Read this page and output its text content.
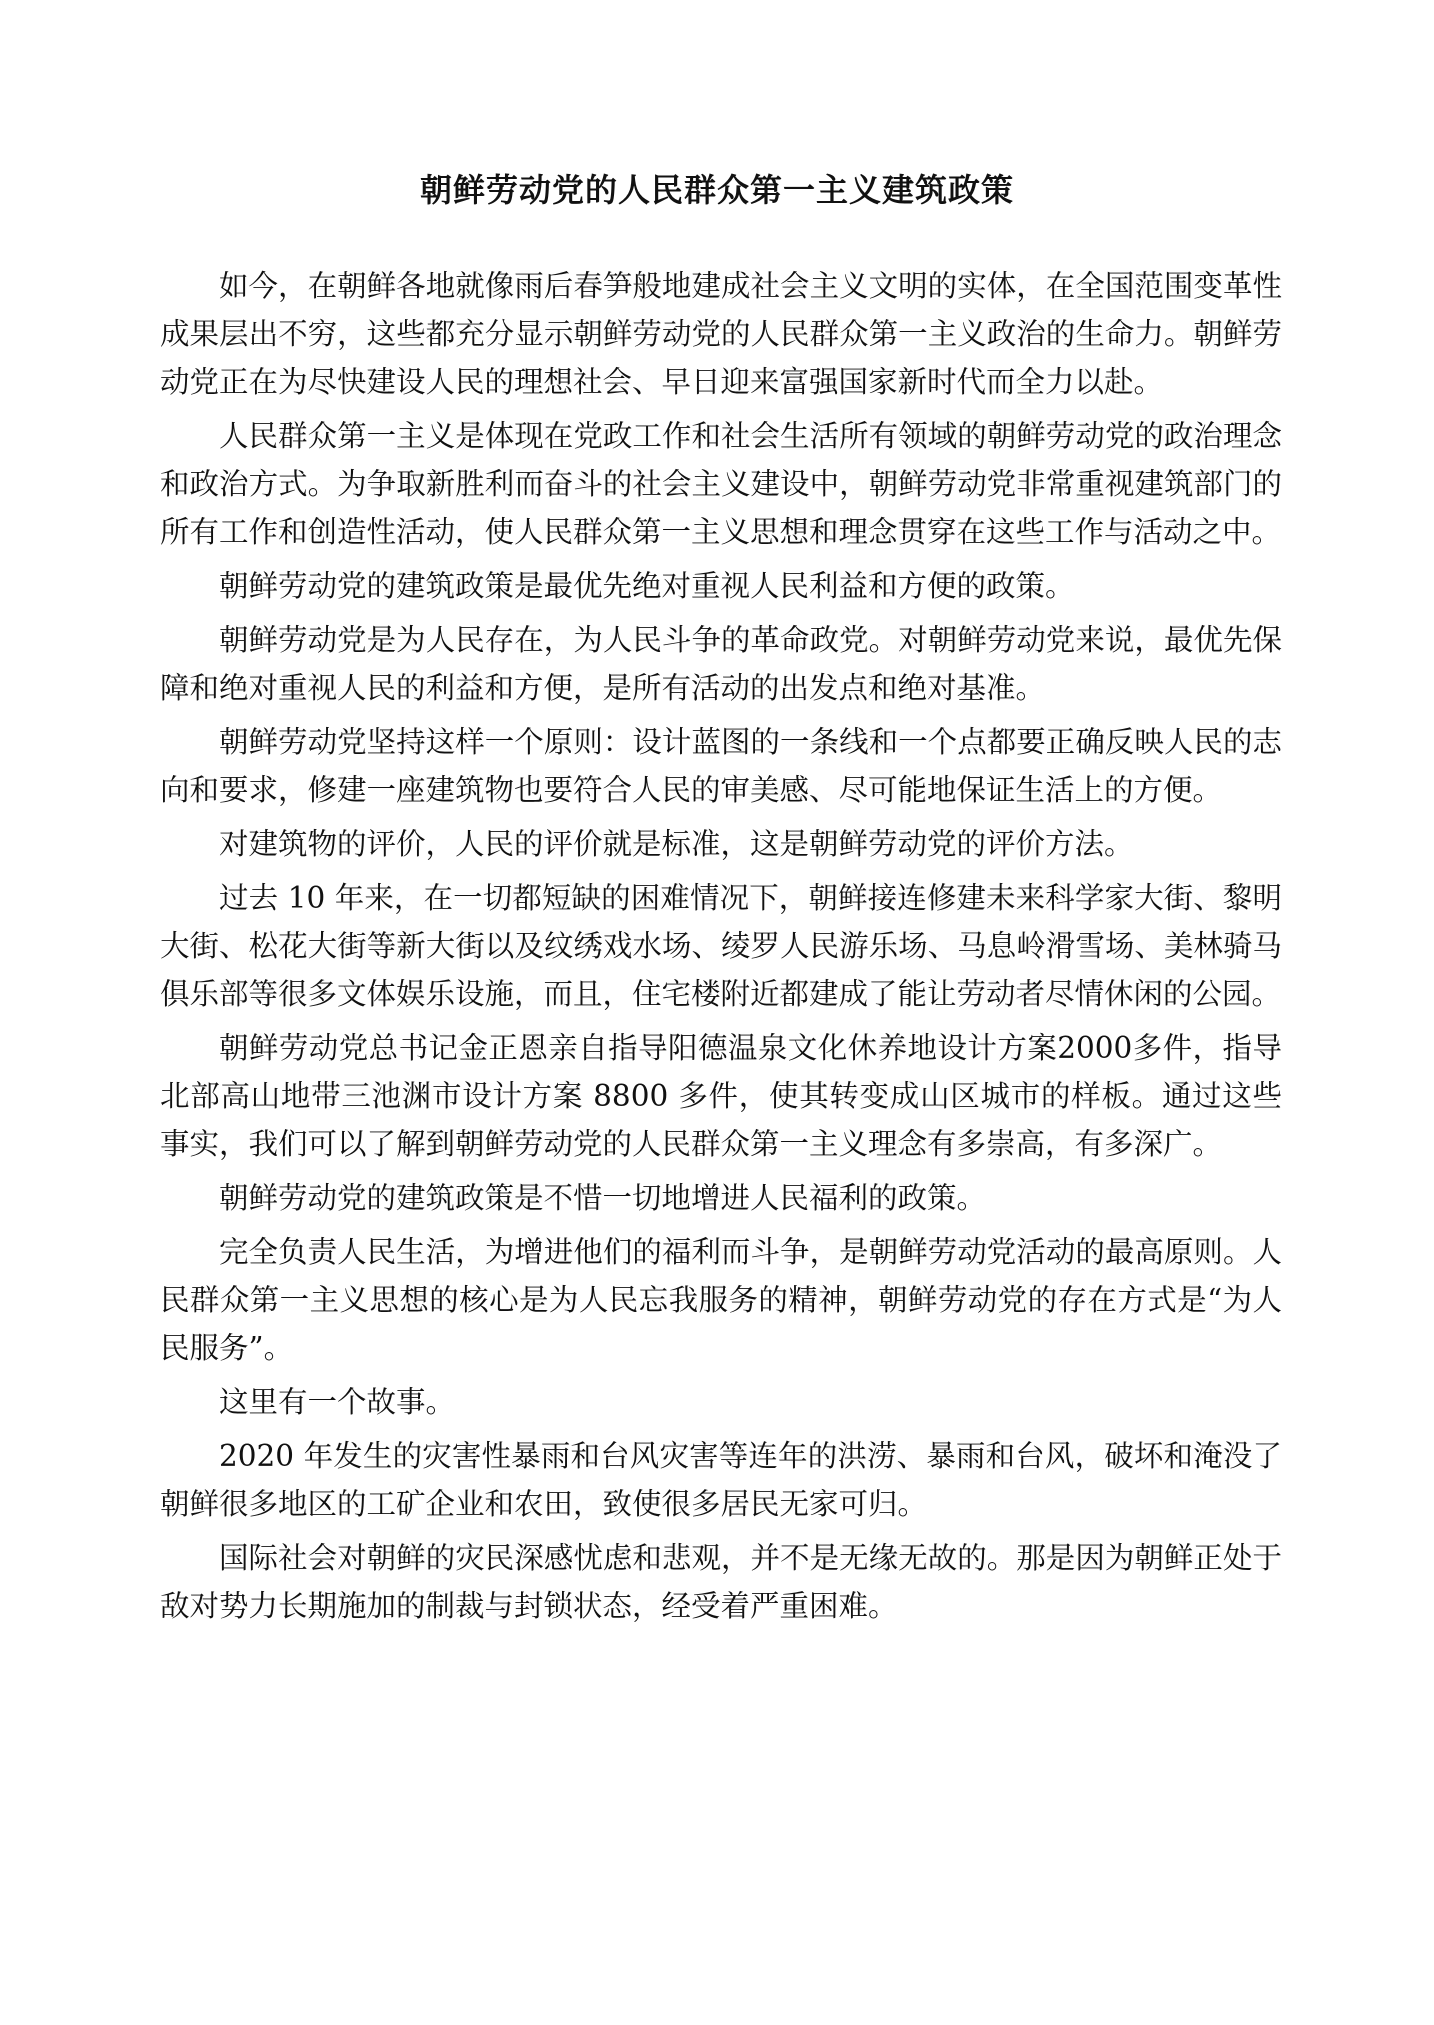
朝鲜劳动党的人民群众第一主义建筑政策

如今，在朝鲜各地就像雨后春笋般地建成社会主义文明的实体，在全国范围变革性成果层出不穷，这些都充分显示朝鲜劳动党的人民群众第一主义政治的生命力。朝鲜劳动党正在为尽快建设人民的理想社会、早日迎来富强国家新时代而全力以赴。

人民群众第一主义是体现在党政工作和社会生活所有领域的朝鲜劳动党的政治理念和政治方式。为争取新胜利而奋斗的社会主义建设中，朝鲜劳动党非常重视建筑部门的所有工作和创造性活动，使人民群众第一主义思想和理念贯穿在这些工作与活动之中。

朝鲜劳动党的建筑政策是最优先绝对重视人民利益和方便的政策。

朝鲜劳动党是为人民存在，为人民斗争的革命政党。对朝鲜劳动党来说，最优先保障和绝对重视人民的利益和方便，是所有活动的出发点和绝对基准。

朝鲜劳动党坚持这样一个原则：设计蓝图的一条线和一个点都要正确反映人民的志向和要求，修建一座建筑物也要符合人民的审美感、尽可能地保证生活上的方便。

对建筑物的评价，人民的评价就是标准，这是朝鲜劳动党的评价方法。

过去 10 年来，在一切都短缺的困难情况下，朝鲜接连修建未来科学家大街、黎明大街、松花大街等新大街以及纹绣戏水场、绫罗人民游乐场、马息岭滑雪场、美林骑马俱乐部等很多文体娱乐设施，而且，住宅楼附近都建成了能让劳动者尽情休闲的公园。

朝鲜劳动党总书记金正恩亲自指导阳德温泉文化休养地设计方案2000多件，指导北部高山地带三池渊市设计方案 8800 多件，使其转变成山区城市的样板。通过这些事实，我们可以了解到朝鲜劳动党的人民群众第一主义理念有多崇高，有多深广。

朝鲜劳动党的建筑政策是不惜一切地增进人民福利的政策。

完全负责人民生活，为增进他们的福利而斗争，是朝鲜劳动党活动的最高原则。人民群众第一主义思想的核心是为人民忘我服务的精神，朝鲜劳动党的存在方式是“为人民服务”。

这里有一个故事。

2020 年发生的灾害性暴雨和台风灾害等连年的洪涝、暴雨和台风，破坏和淹没了朝鲜很多地区的工矿企业和农田，致使很多居民无家可归。

国际社会对朝鲜的灾民深感忧虑和悲观，并不是无缘无故的。那是因为朝鲜正处于敌对势力长期施加的制裁与封锁状态，经受着严重困难。
